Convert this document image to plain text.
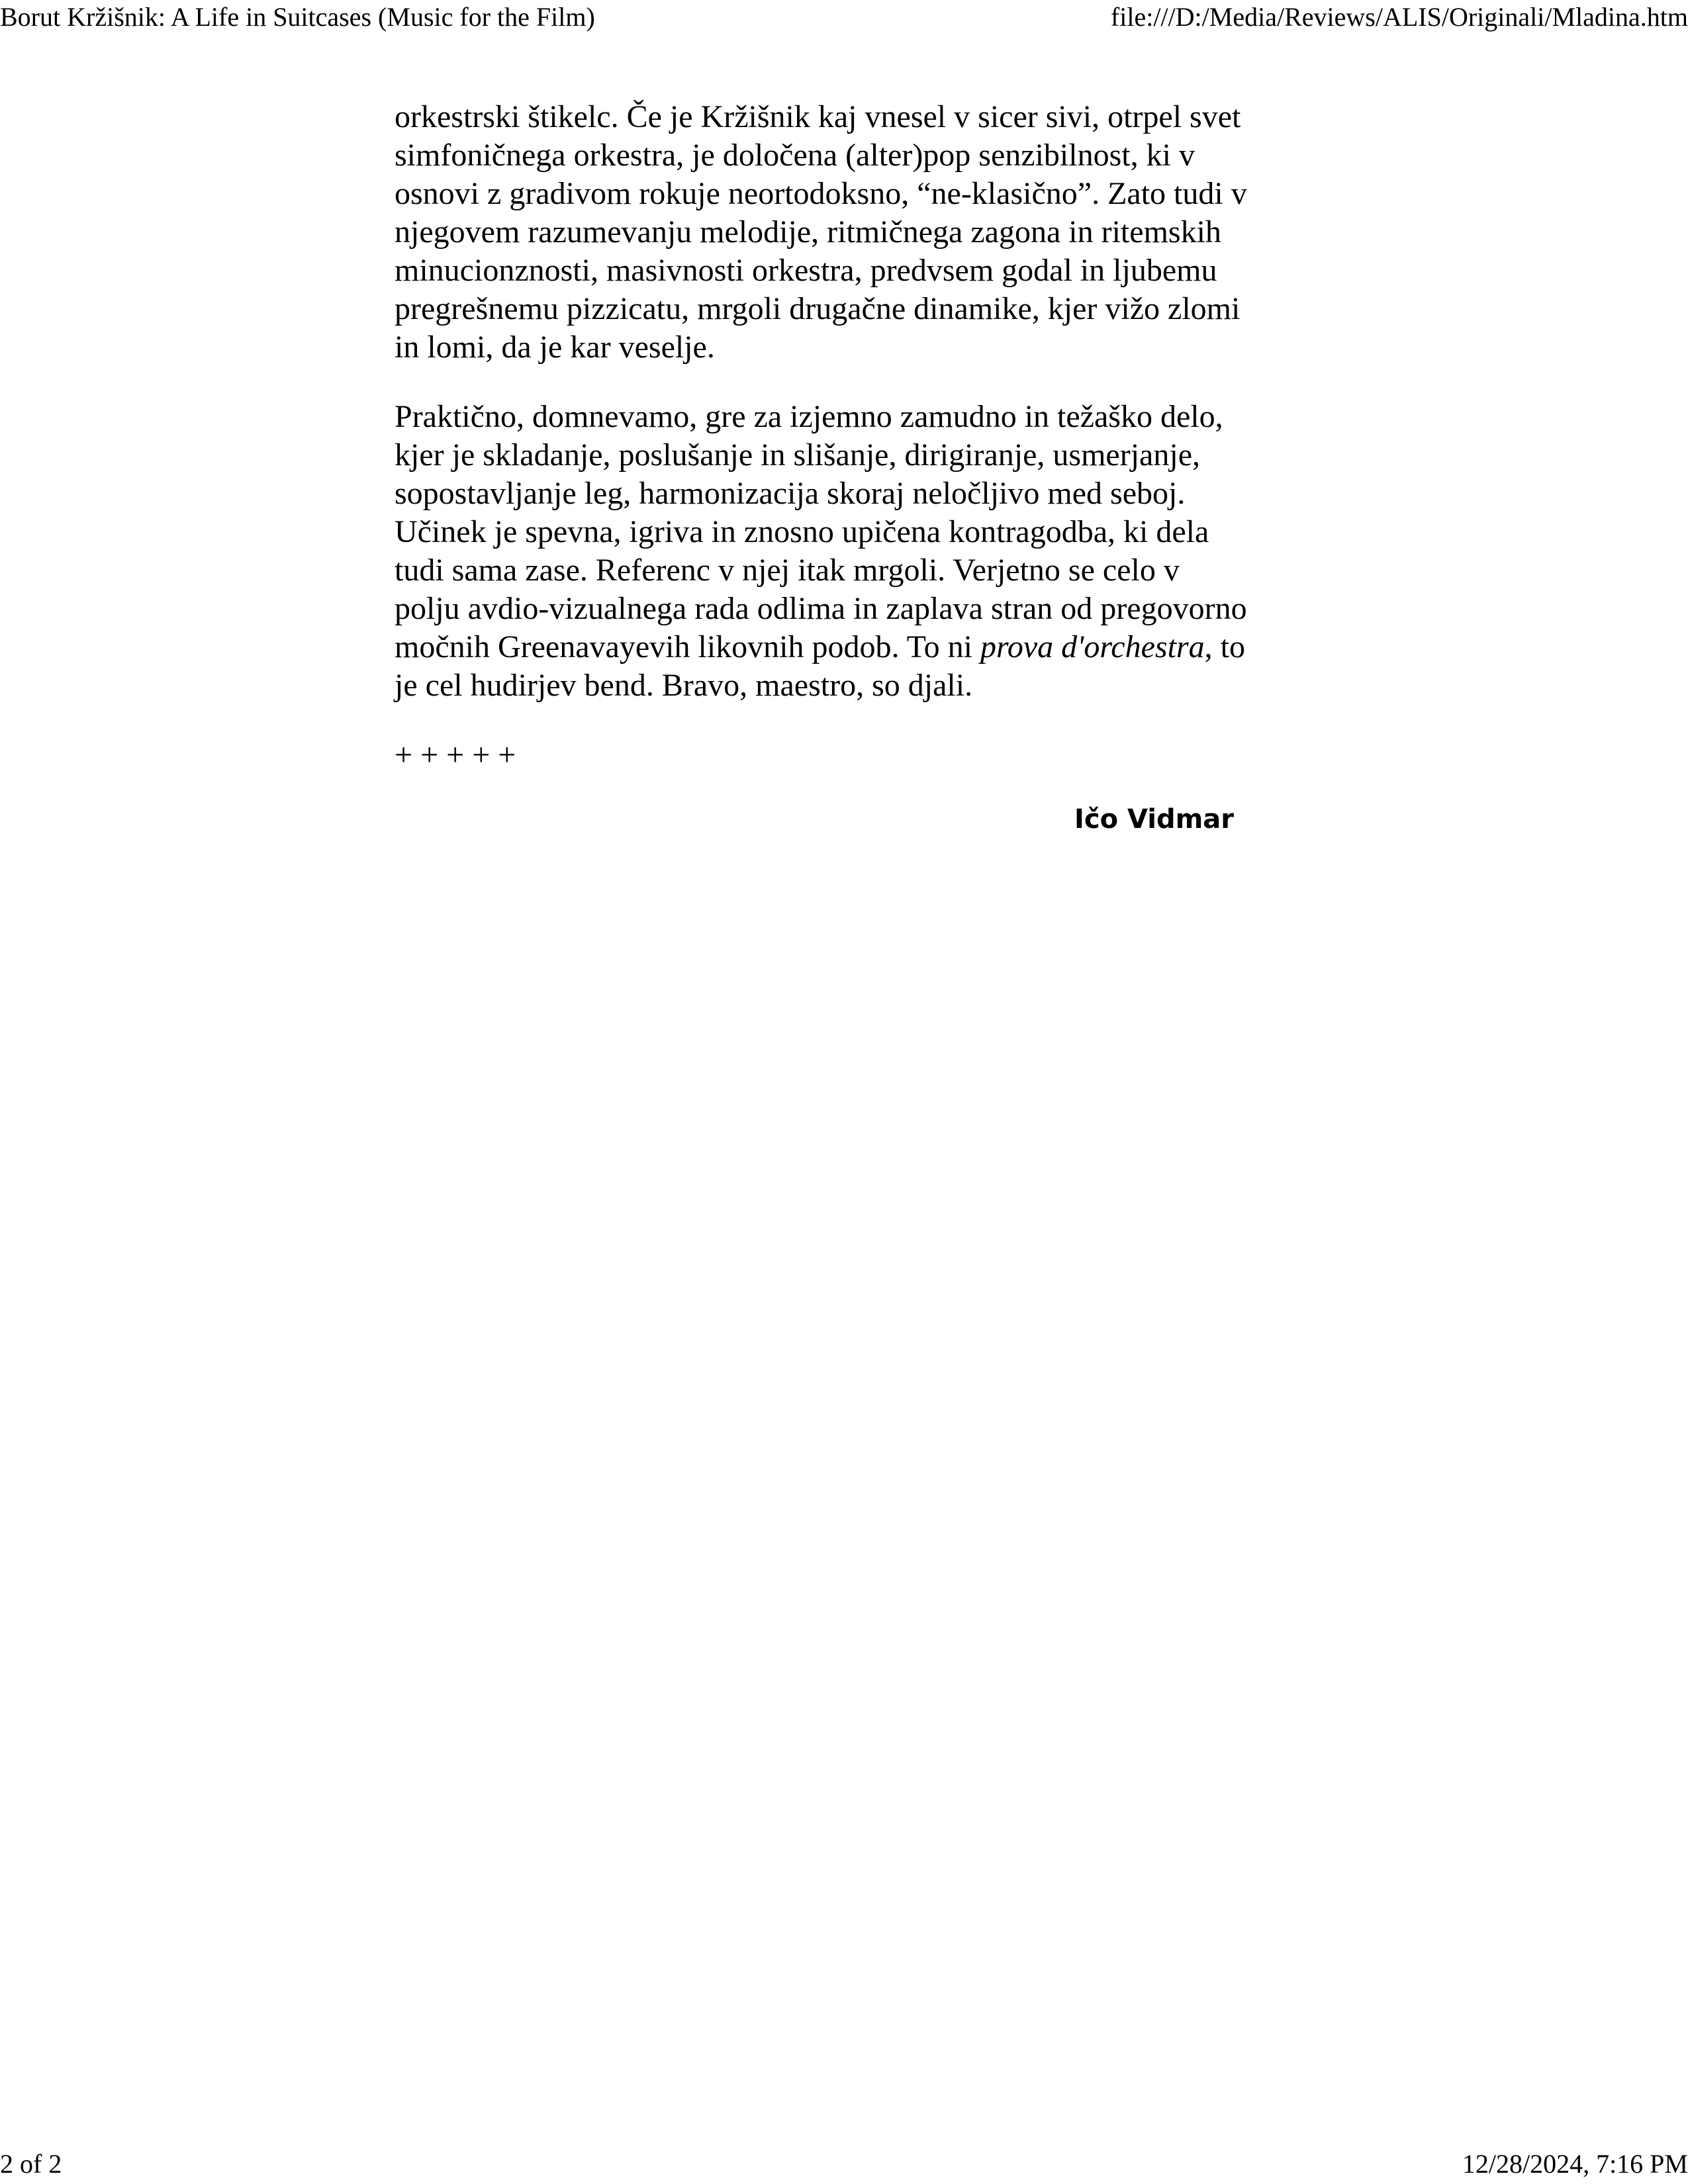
Borut Kržišnik: A Life in Suitcases (Music for the Film)	file:///D:/Media/Reviews/ALIS/Originali/Mladina.htm

orkestrski štikelc. Če je Kržišnik kaj vnesel v sicer sivi, otrpel svet simfoničnega orkestra, je določena (alter)pop senzibilnost, ki v osnovi z gradivom rokuje neortodoksno, “ne-klasično”. Zato tudi v njegovem razumevanju melodije, ritmičnega zagona in ritemskih minucionznosti, masivnosti orkestra, predvsem godal in ljubemu pregrešnemu pizzicatu, mrgoli drugačne dinamike, kjer vižo zlomi in lomi, da je kar veselje.

Praktično, domnevamo, gre za izjemno zamudno in težaško delo, kjer je skladanje, poslušanje in slišanje, dirigiranje, usmerjanje, sopostavljanje leg, harmonizacija skoraj neločljivo med seboj. Učinek je spevna, igriva in znosno upičena kontragodba, ki dela tudi sama zase. Referenc v njej itak mrgoli. Verjetno se celo v polju avdio-vizualnega rada odlima in zaplava stran od pregovorno močnih Greenavayevih likovnih podob. To ni prova d'orchestra, to je cel hudirjev bend. Bravo, maestro, so djali.

+ + + + +

Ičo Vidmar
2 of 2	12/28/2024, 7:16 PM
